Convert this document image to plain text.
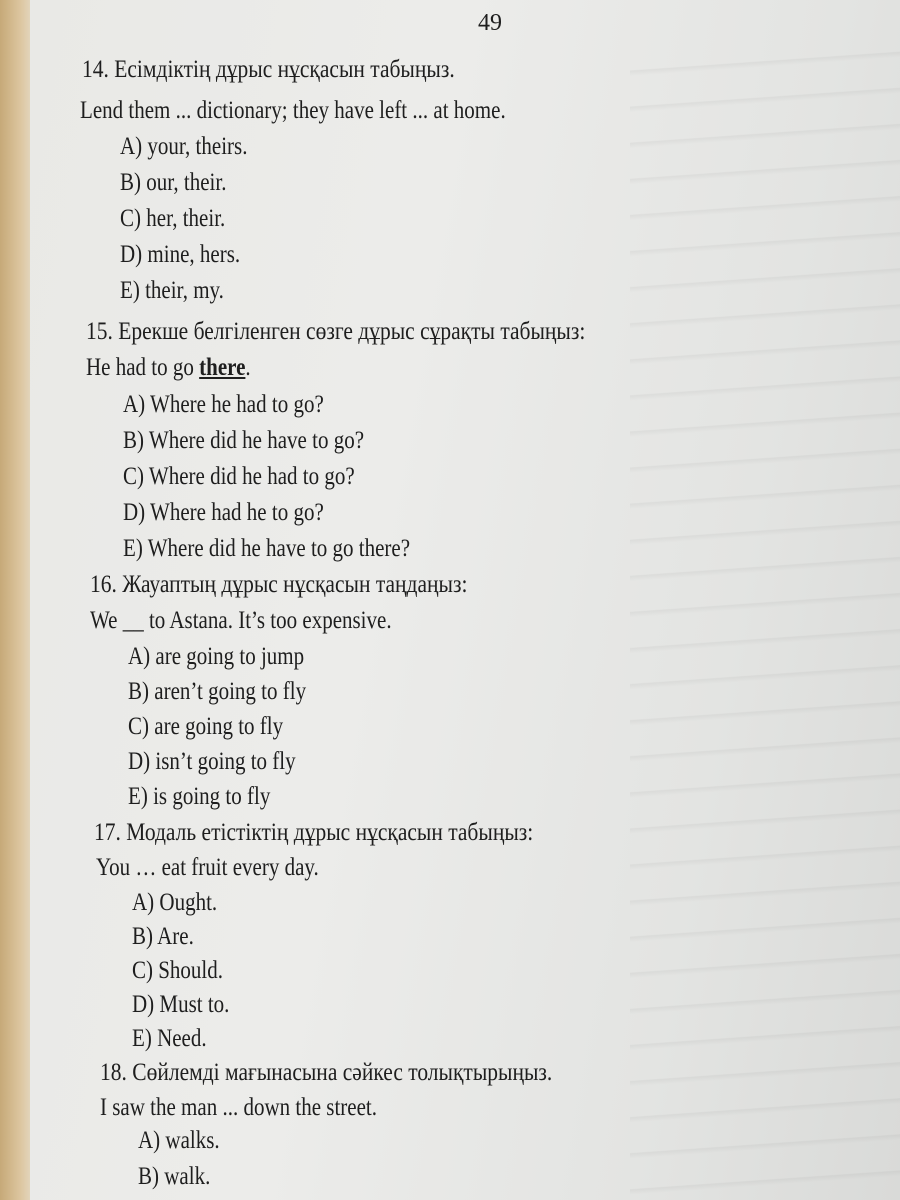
49
14. Есімдіктің дұрыс нұсқасын табыңыз.
Lend them ... dictionary; they have left ... at home.
A) your, theirs.
B) our, their.
C) her, their.
D) mine, hers.
E) their, my.
15. Ерекше белгіленген сөзге дұрыс сұрақты табыңыз:
He had to go there.
A) Where he had to go?
B) Where did he have to go?
C) Where did he had to go?
D) Where had he to go?
E) Where did he have to go there?
16. Жауаптың дұрыс нұсқасын таңдаңыз:
We __ to Astana. It’s too expensive.
A) are going to jump
B) aren’t going to fly
C) are going to fly
D) isn’t going to fly
E) is going to fly
17. Модаль етістіктің дұрыс нұсқасын табыңыз:
You … eat fruit every day.
A) Ought.
B) Are.
C) Should.
D) Must to.
E) Need.
18. Сөйлемді мағынасына сәйкес толықтырыңыз.
I saw the man ... down the street.
A) walks.
B) walk.
